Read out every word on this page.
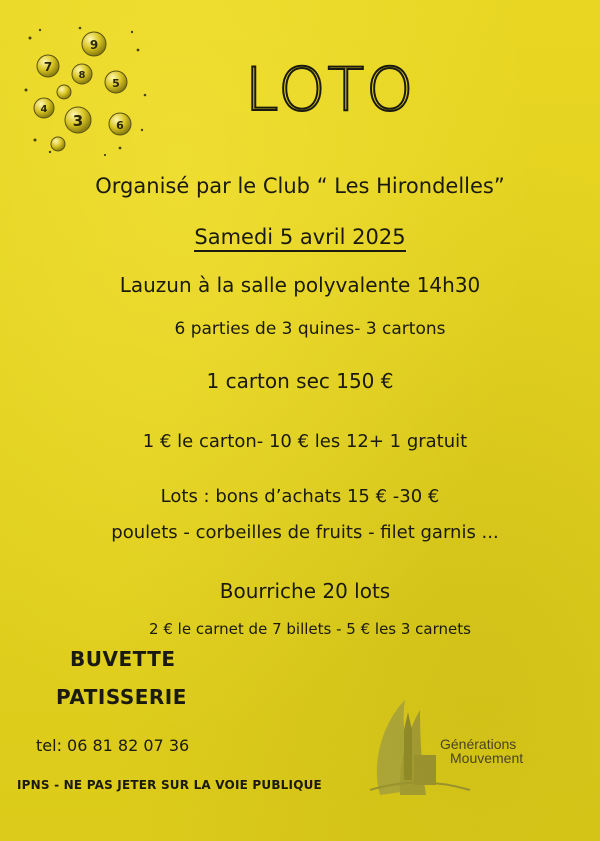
9
7
8
4
3	6
5 LOTO
Organisé par le Club “ Les Hirondelles”
Samedi 5 avril 2025
Lauzun à la salle polyvalente 14h30
6 parties de 3 quines- 3 cartons
1 carton sec 150 €
1 € le carton- 10 € les 12+ 1 gratuit
Lots : bons d’achats 15 € -30 €
poulets - corbeilles de fruits - filet garnis ...
Bourriche 20 lots
2 € le carnet de 7 billets - 5 € les 3 carnets
BUVETTE
PATISSERIE
tel: 06 81 82 07 36
IPNS - NE PAS JETER SUR LA VOIE PUBLIQUE
Générations
Mouvement
